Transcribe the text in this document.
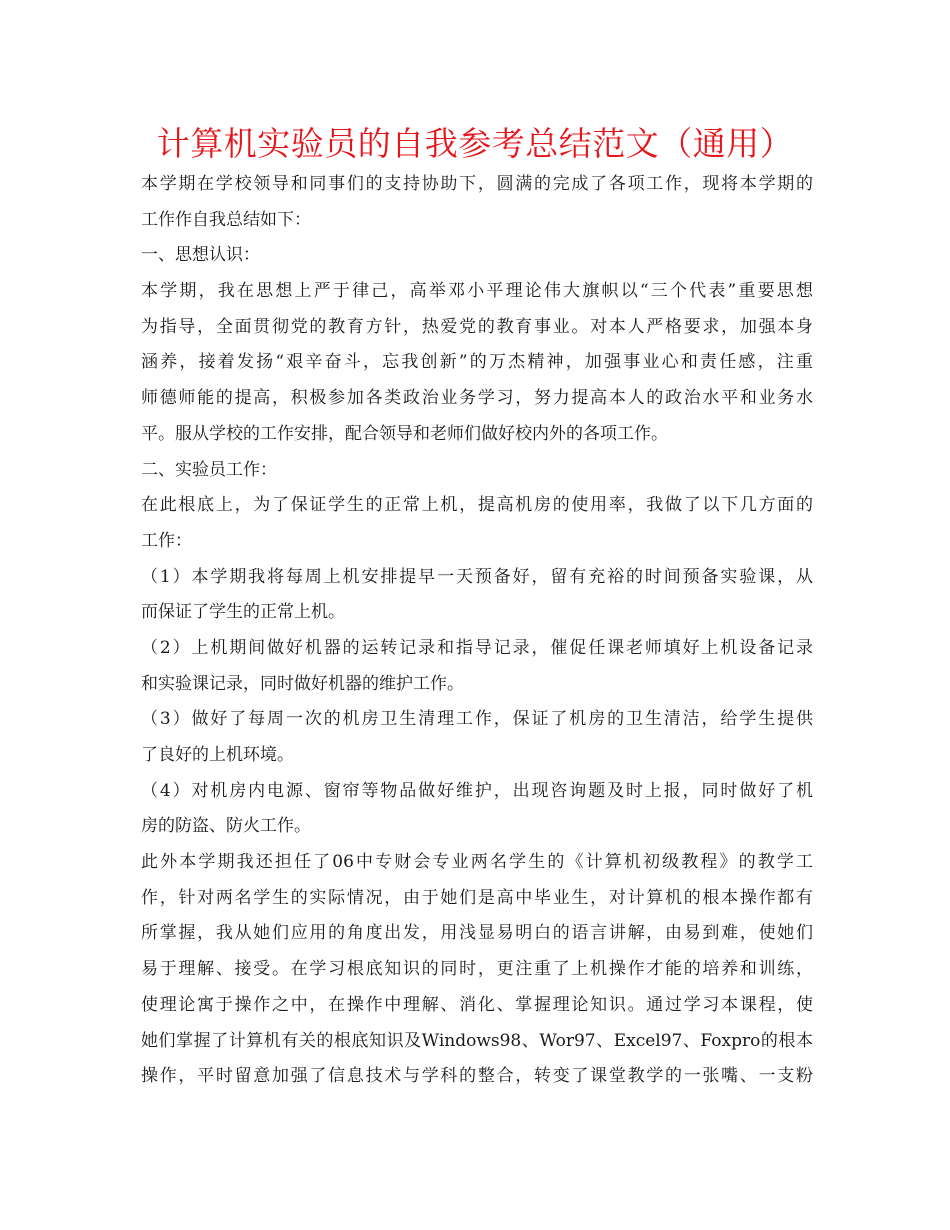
计算机实验员的自我参考总结范文（通用）
本学期在学校领导和同事们的支持协助下，圆满的完成了各项工作，现将本学期的
工作作自我总结如下：
一、思想认识：
本学期，我在思想上严于律己，高举邓小平理论伟大旗帜以“三个代表”重要思想
为指导，全面贯彻党的教育方针，热爱党的教育事业。对本人严格要求，加强本身
涵养，接着发扬“艰辛奋斗，忘我创新”的万杰精神，加强事业心和责任感，注重
师德师能的提高，积极参加各类政治业务学习，努力提高本人的政治水平和业务水
平。服从学校的工作安排，配合领导和老师们做好校内外的各项工作。
二、实验员工作：
在此根底上，为了保证学生的正常上机，提高机房的使用率，我做了以下几方面的
工作：
（1）本学期我将每周上机安排提早一天预备好，留有充裕的时间预备实验课，从
而保证了学生的正常上机。
（2）上机期间做好机器的运转记录和指导记录，催促任课老师填好上机设备记录
和实验课记录，同时做好机器的维护工作。
（3）做好了每周一次的机房卫生清理工作，保证了机房的卫生清洁，给学生提供
了良好的上机环境。
（4）对机房内电源、窗帘等物品做好维护，出现咨询题及时上报，同时做好了机
房的防盗、防火工作。
此外本学期我还担任了06中专财会专业两名学生的《计算机初级教程》的教学工
作，针对两名学生的实际情况，由于她们是高中毕业生，对计算机的根本操作都有
所掌握，我从她们应用的角度出发，用浅显易明白的语言讲解，由易到难，使她们
易于理解、接受。在学习根底知识的同时，更注重了上机操作才能的培养和训练，
使理论寓于操作之中，在操作中理解、消化、掌握理论知识。通过学习本课程，使
她们掌握了计算机有关的根底知识及Windows98、Wor97、Excel97、Foxpro的根本
操作，平时留意加强了信息技术与学科的整合，转变了课堂教学的一张嘴、一支粉
